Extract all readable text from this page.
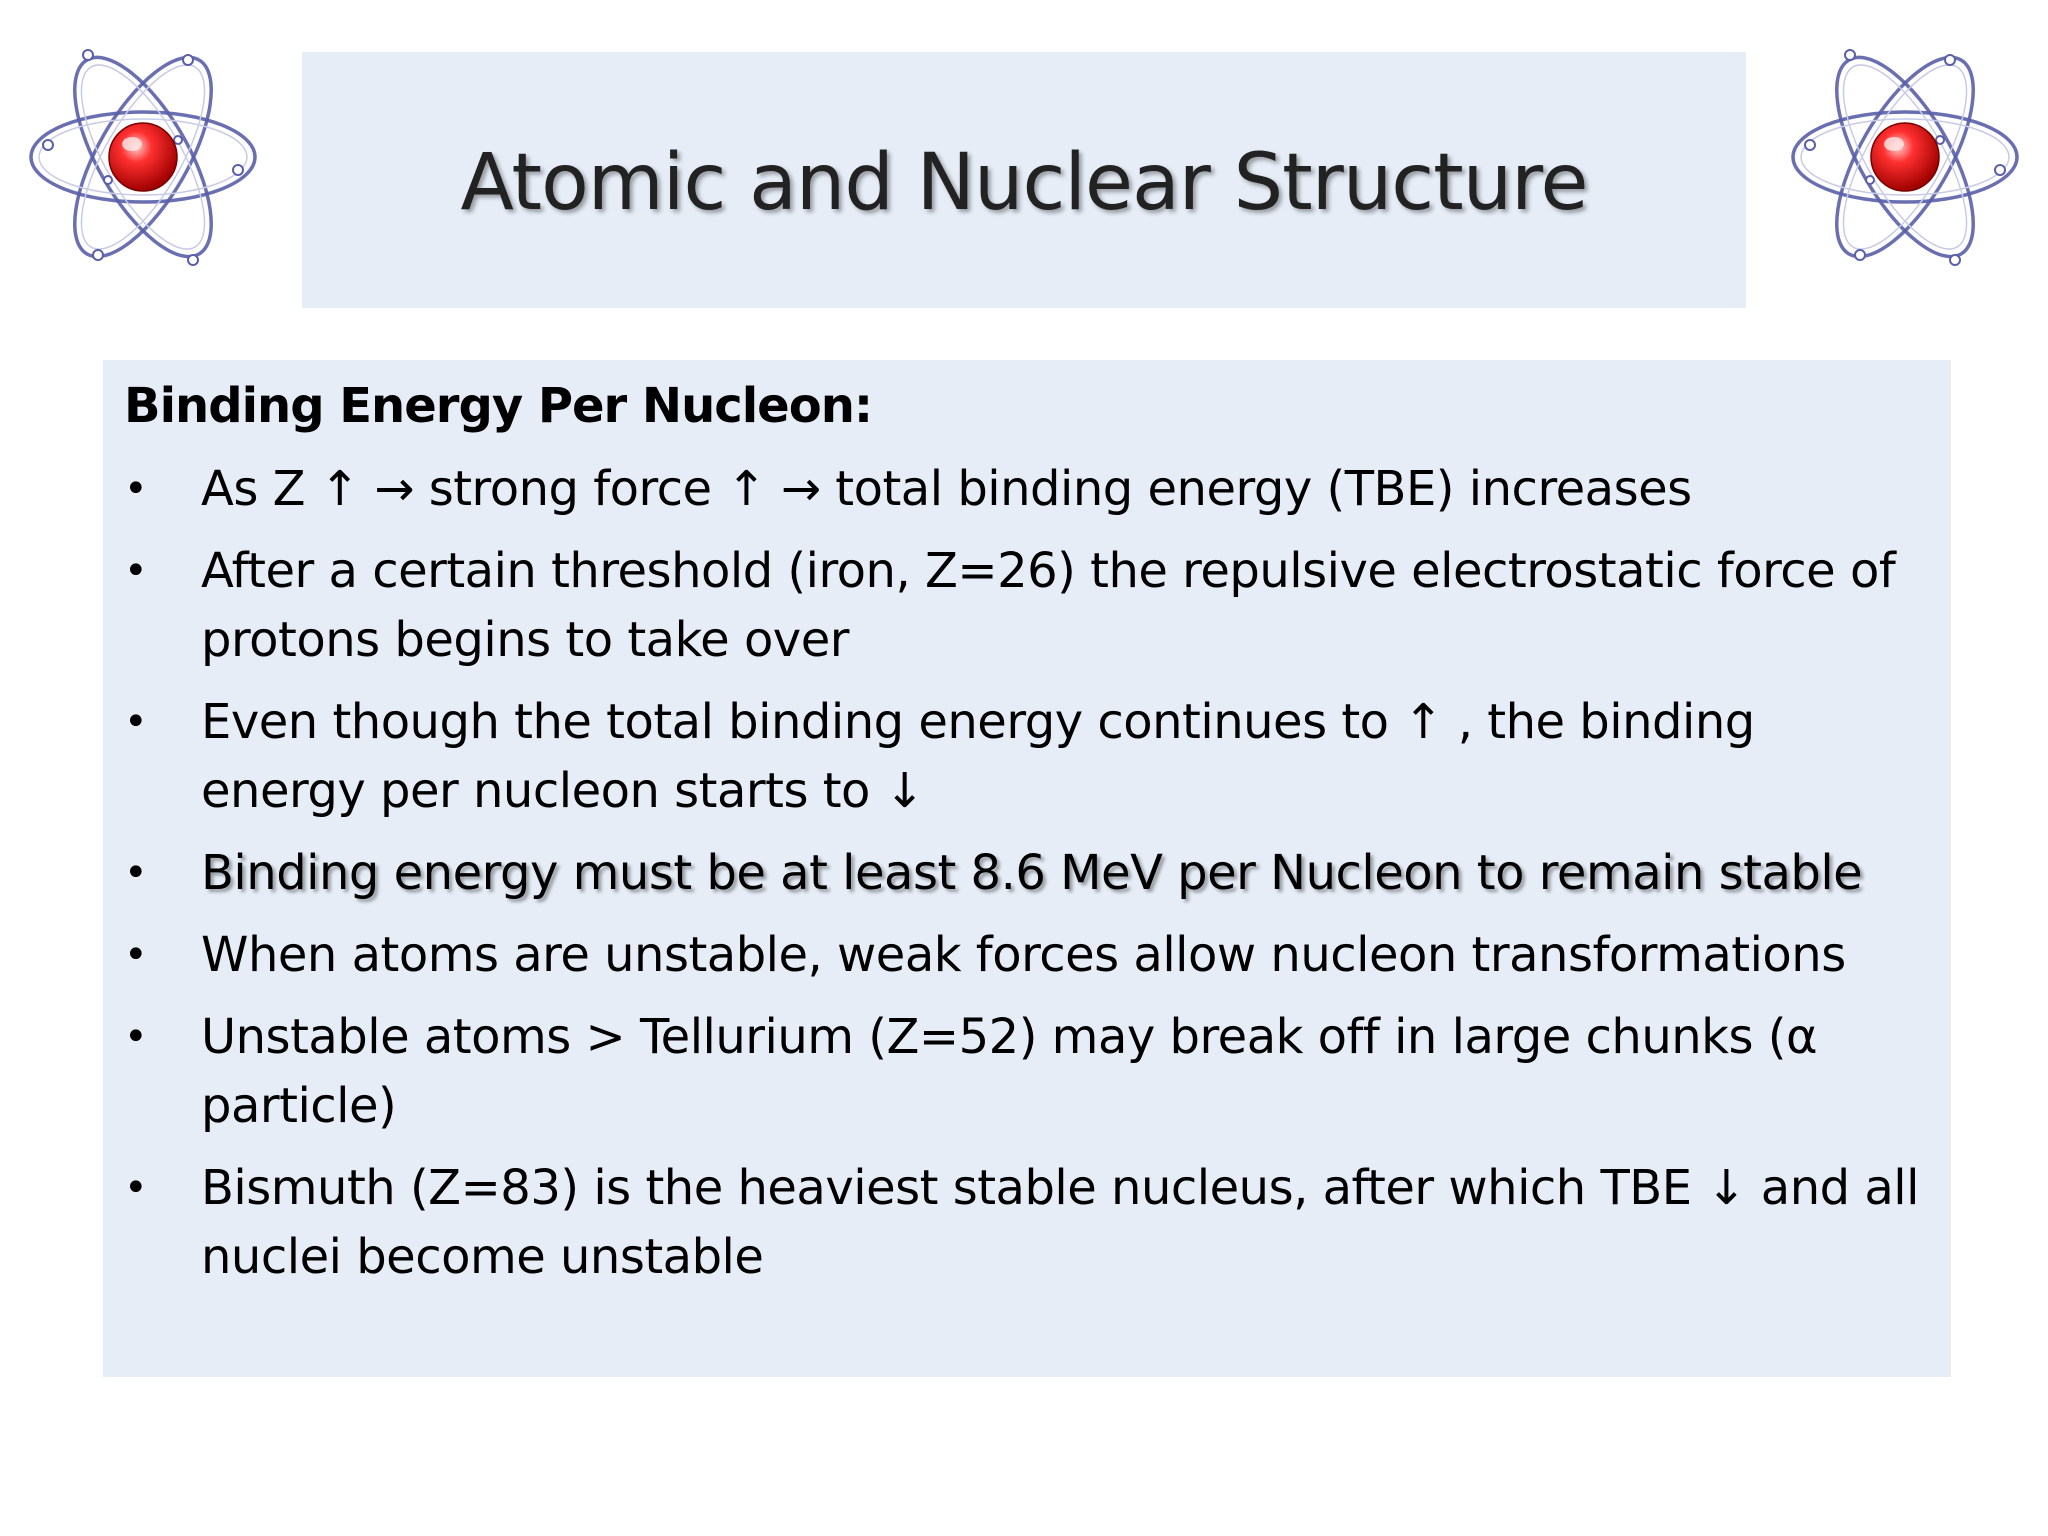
Atomic and Nuclear Structure
Binding Energy Per Nucleon:
• As Z ↑ → strong force ↑ → total binding energy (TBE) increases
• After a certain threshold (iron, Z=26) the repulsive electrostatic force of protons begins to take over
• Even though the total binding energy continues to ↑ , the binding energy per nucleon starts to ↓
• Binding energy must be at least 8.6 MeV per Nucleon to remain stable
• When atoms are unstable, weak forces allow nucleon transformations
• Unstable atoms > Tellurium (Z=52) may break off in large chunks (α particle)
• Bismuth (Z=83) is the heaviest stable nucleus, after which TBE ↓ and all nuclei become unstable
